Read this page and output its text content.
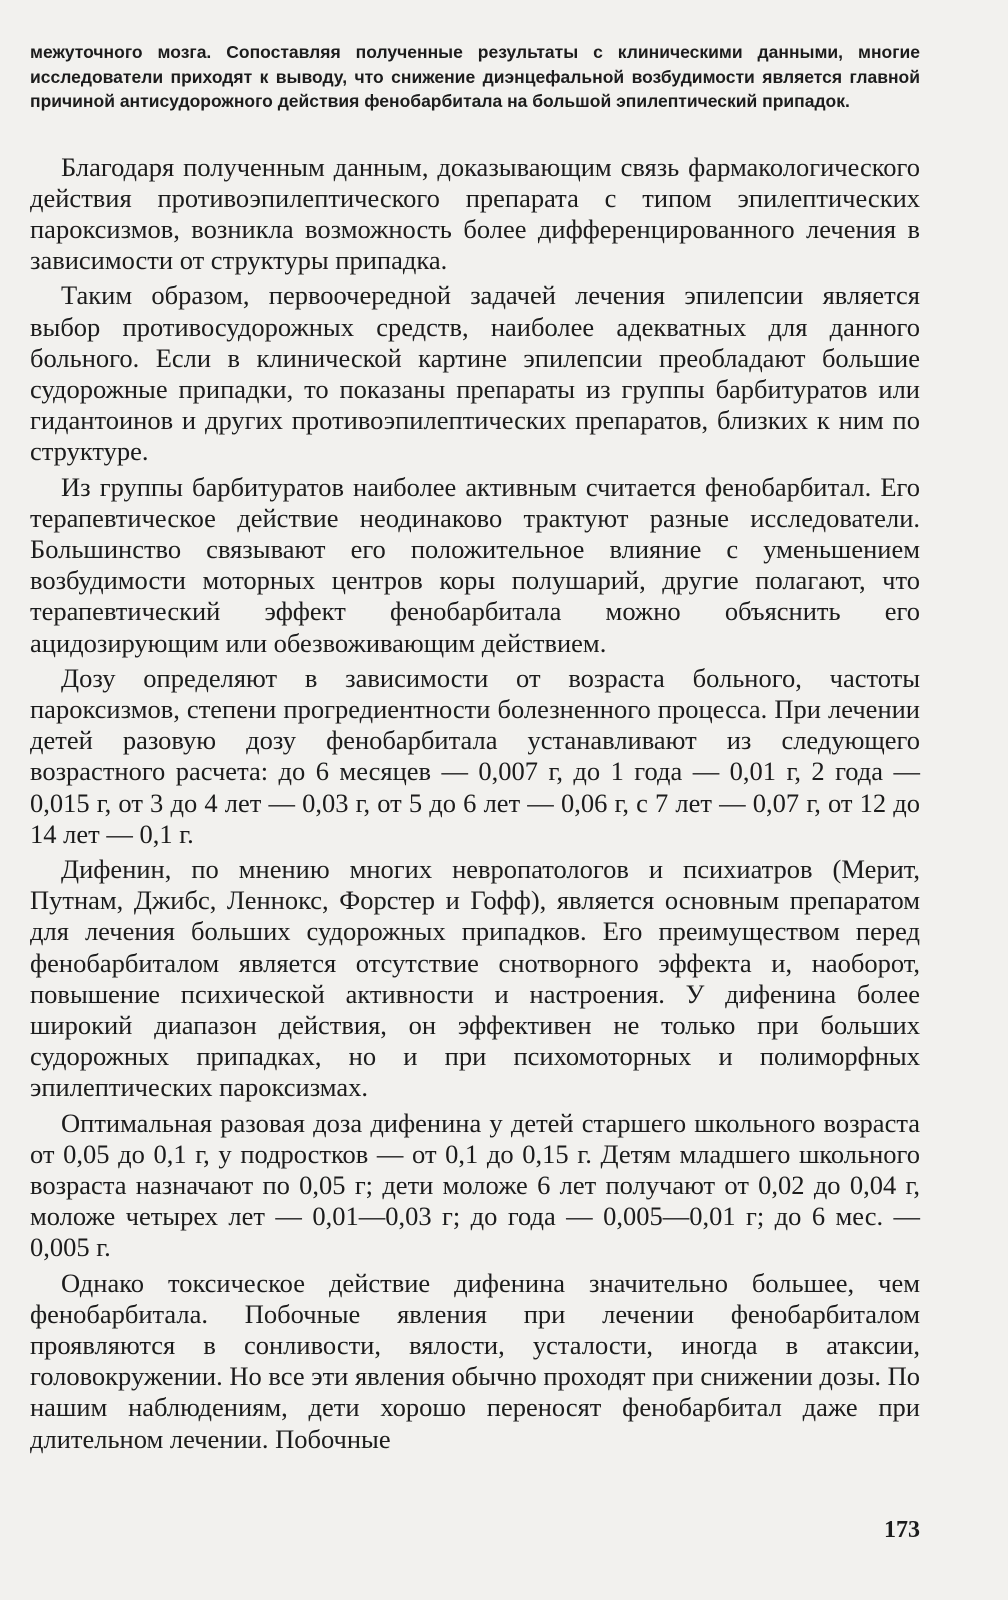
межуточного мозга. Сопоставляя полученные результаты с клиническими данными, многие исследователи приходят к выводу, что снижение диэнцефальной возбудимости является главной причиной антисудорожного действия фенобарбитала на большой эпилептический припадок.

Благодаря полученным данным, доказывающим связь фармакологического действия противоэпилептического препарата с типом эпилептических пароксизмов, возникла возможность более дифференцированного лечения в зависимости от структуры припадка.

Таким образом, первоочередной задачей лечения эпилепсии является выбор противосудорожных средств, наиболее адекватных для данного больного. Если в клинической картине эпилепсии преобладают большие судорожные припадки, то показаны препараты из группы барбитуратов или гидантоинов и других противоэпилептических препаратов, близких к ним по структуре.

Из группы барбитуратов наиболее активным считается фенобарбитал. Его терапевтическое действие неодинаково трактуют разные исследователи. Большинство связывают его положительное влияние с уменьшением возбудимости моторных центров коры полушарий, другие полагают, что терапевтический эффект фенобарбитала можно объяснить его ацидозирующим или обезвоживающим действием.

Дозу определяют в зависимости от возраста больного, частоты пароксизмов, степени прогредиентности болезненного процесса. При лечении детей разовую дозу фенобарбитала устанавливают из следующего возрастного расчета: до 6 месяцев — 0,007 г, до 1 года — 0,01 г, 2 года — 0,015 г, от 3 до 4 лет — 0,03 г, от 5 до 6 лет — 0,06 г, с 7 лет — 0,07 г, от 12 до 14 лет — 0,1 г.

Дифенин, по мнению многих невропатологов и психиатров (Мерит, Путнам, Джибс, Леннокс, Форстер и Гофф), является основным препаратом для лечения больших судорожных припадков. Его преимуществом перед фенобарбиталом является отсутствие снотворного эффекта и, наоборот, повышение психической активности и настроения. У дифенина более широкий диапазон действия, он эффективен не только при больших судорожных припадках, но и при психомоторных и полиморфных эпилептических пароксизмах.

Оптимальная разовая доза дифенина у детей старшего школьного возраста от 0,05 до 0,1 г, у подростков — от 0,1 до 0,15 г. Детям младшего школьного возраста назначают по 0,05 г; дети моложе 6 лет получают от 0,02 до 0,04 г, моложе четырех лет — 0,01—0,03 г; до года — 0,005—0,01 г; до 6 мес. — 0,005 г.

Однако токсическое действие дифенина значительно большее, чем фенобарбитала. Побочные явления при лечении фенобарбиталом проявляются в сонливости, вялости, усталости, иногда в атаксии, головокружении. Но все эти явления обычно проходят при снижении дозы. По нашим наблюдениям, дети хорошо переносят фенобарбитал даже при длительном лечении. Побочные

173
